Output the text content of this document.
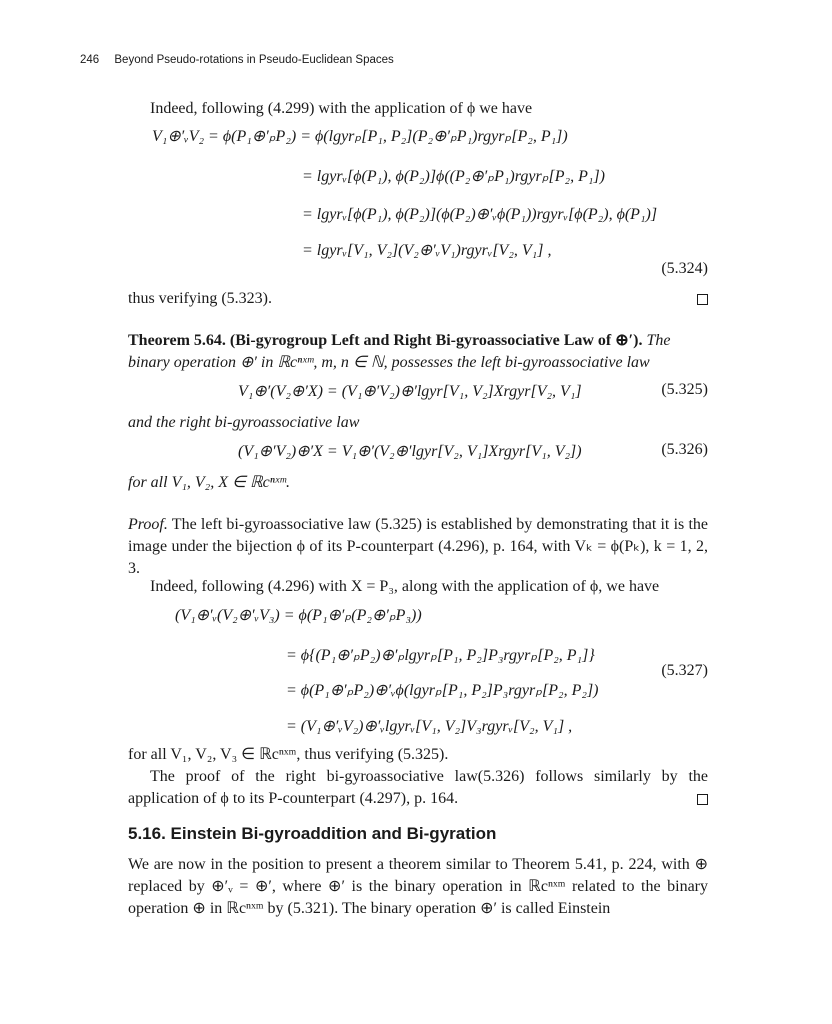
246 Beyond Pseudo-rotations in Pseudo-Euclidean Spaces
Indeed, following (4.299) with the application of ϕ we have
V₁⊕′ᵥV₂ = ϕ(P₁⊕′ₚP₂) = ϕ(lgyrₚ[P₁, P₂](P₂⊕′ₚP₁)rgyrₚ[P₂, P₁])
= lgyrᵥ[ϕ(P₁), ϕ(P₂)]ϕ((P₂⊕′ₚP₁)rgyrₚ[P₂, P₁])
= lgyrᵥ[ϕ(P₁), ϕ(P₂)](ϕ(P₂)⊕′ᵥϕ(P₁))rgyrᵥ[ϕ(P₂), ϕ(P₁)]
= lgyrᵥ[V₁, V₂](V₂⊕′ᵥV₁)rgyrᵥ[V₂, V₁] ,
(5.324)
thus verifying (5.323).
Theorem 5.64. (Bi-gyrogroup Left and Right Bi-gyroassociative Law of ⊕′). The
binary operation ⊕′ in ℝcⁿˣᵐ, m, n ∈ ℕ, possesses the left bi-gyroassociative law
V₁⊕′(V₂⊕′X) = (V₁⊕′V₂)⊕′lgyr[V₁, V₂]Xrgyr[V₂, V₁]	(5.325)
and the right bi-gyroassociative law
(V₁⊕′V₂)⊕′X = V₁⊕′(V₂⊕′lgyr[V₂, V₁]Xrgyr[V₁, V₂])	(5.326)
for all V₁, V₂, X ∈ ℝcⁿˣᵐ.
Proof. The left bi-gyroassociative law (5.325) is established by demonstrating that it is the image under the bijection ϕ of its P-counterpart (4.296), p. 164, with Vₖ = ϕ(Pₖ), k = 1, 2, 3.
Indeed, following (4.296) with X = P₃, along with the application of ϕ, we have
(V₁⊕′ᵥ(V₂⊕′ᵥV₃) = ϕ(P₁⊕′ₚ(P₂⊕′ₚP₃))
= ϕ{(P₁⊕′ₚP₂)⊕′ₚlgyrₚ[P₁, P₂]P₃rgyrₚ[P₂, P₁]}
= ϕ(P₁⊕′ₚP₂)⊕′ᵥϕ(lgyrₚ[P₁, P₂]P₃rgyrₚ[P₂, P₂])
(5.327)
= (V₁⊕′ᵥV₂)⊕′ᵥlgyrᵥ[V₁, V₂]V₃rgyrᵥ[V₂, V₁] ,
for all V₁, V₂, V₃ ∈ ℝcⁿˣᵐ, thus verifying (5.325).
The proof of the right bi-gyroassociative law(5.326) follows similarly by the application of ϕ to its P-counterpart (4.297), p. 164.
5.16. Einstein Bi-gyroaddition and Bi-gyration
We are now in the position to present a theorem similar to Theorem 5.41, p. 224, with ⊕ replaced by ⊕′ᵥ = ⊕′, where ⊕′ is the binary operation in ℝcⁿˣᵐ related to the binary operation ⊕ in ℝcⁿˣᵐ by (5.321). The binary operation ⊕′ is called Einstein
